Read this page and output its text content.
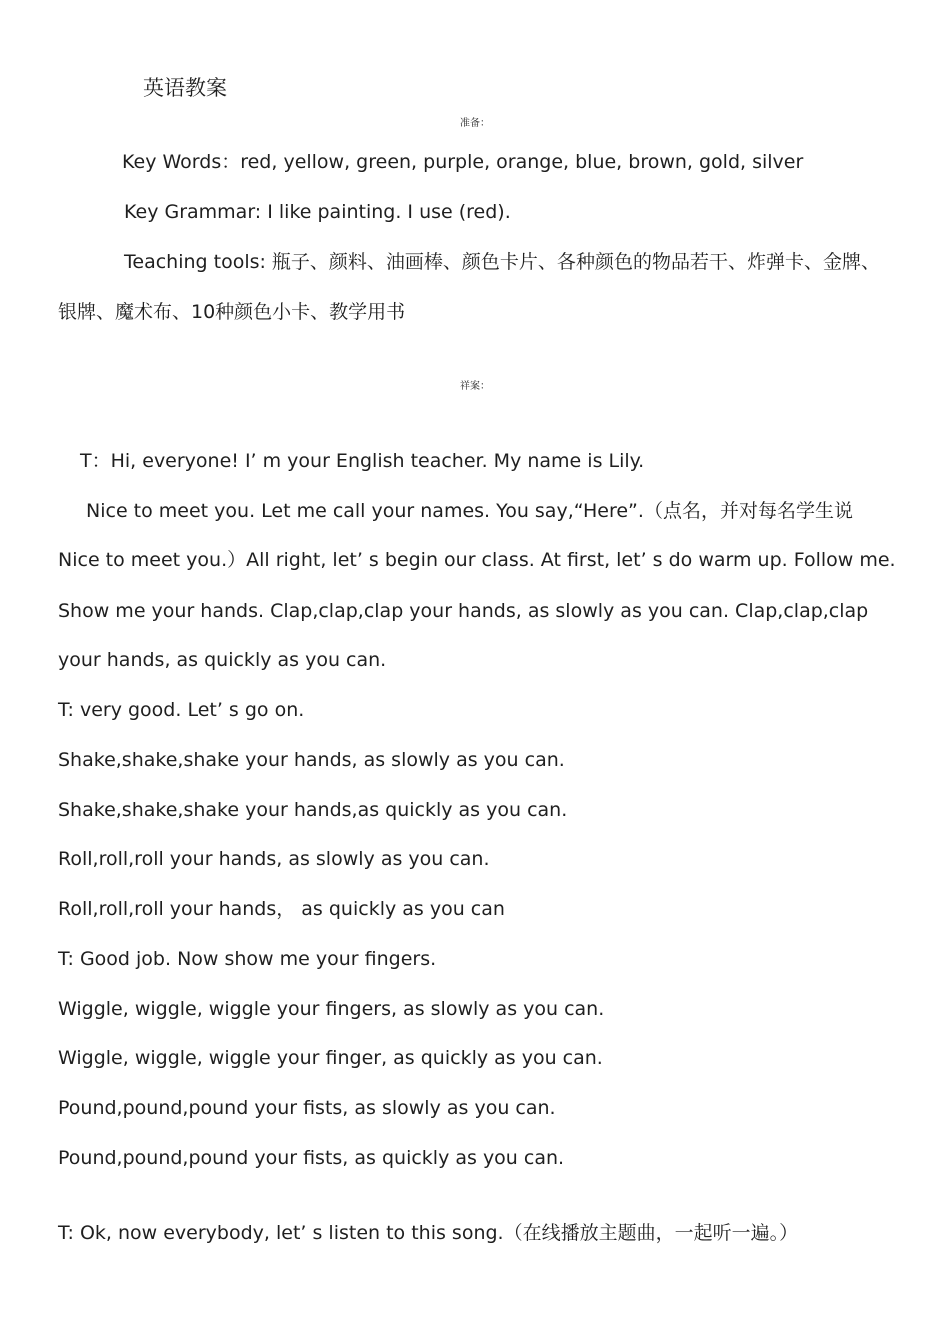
英语教案

准备：

Key Words：red, yellow, green, purple, orange, blue, brown, gold, silver

Key Grammar: I like painting. I use (red).

Teaching tools: 瓶子、颜料、油画棒、颜色卡片、各种颜色的物品若干、炸弹卡、金牌、

银牌、魔术布、10种颜色小卡、教学用书

祥案：

T：Hi, everyone! I’ m your English teacher. My name is Lily.

Nice to meet you. Let me call your names. You say,“Here”.（点名，并对每名学生说

Nice to meet you.）All right, let’ s begin our class. At first, let’ s do warm up. Follow me.

Show me your hands. Clap,clap,clap your hands, as slowly as you can. Clap,clap,clap

your hands, as quickly as you can.

T: very good. Let’ s go on.

Shake,shake,shake your hands, as slowly as you can.

Shake,shake,shake your hands,as quickly as you can.

Roll,roll,roll your hands, as slowly as you can.

Roll,roll,roll your hands， as quickly as you can

T: Good job. Now show me your fingers.

Wiggle, wiggle, wiggle your fingers, as slowly as you can.

Wiggle, wiggle, wiggle your finger, as quickly as you can.

Pound,pound,pound your fists, as slowly as you can.

Pound,pound,pound your fists, as quickly as you can.

T: Ok, now everybody, let’ s listen to this song.（在线播放主题曲，一起听一遍。）
